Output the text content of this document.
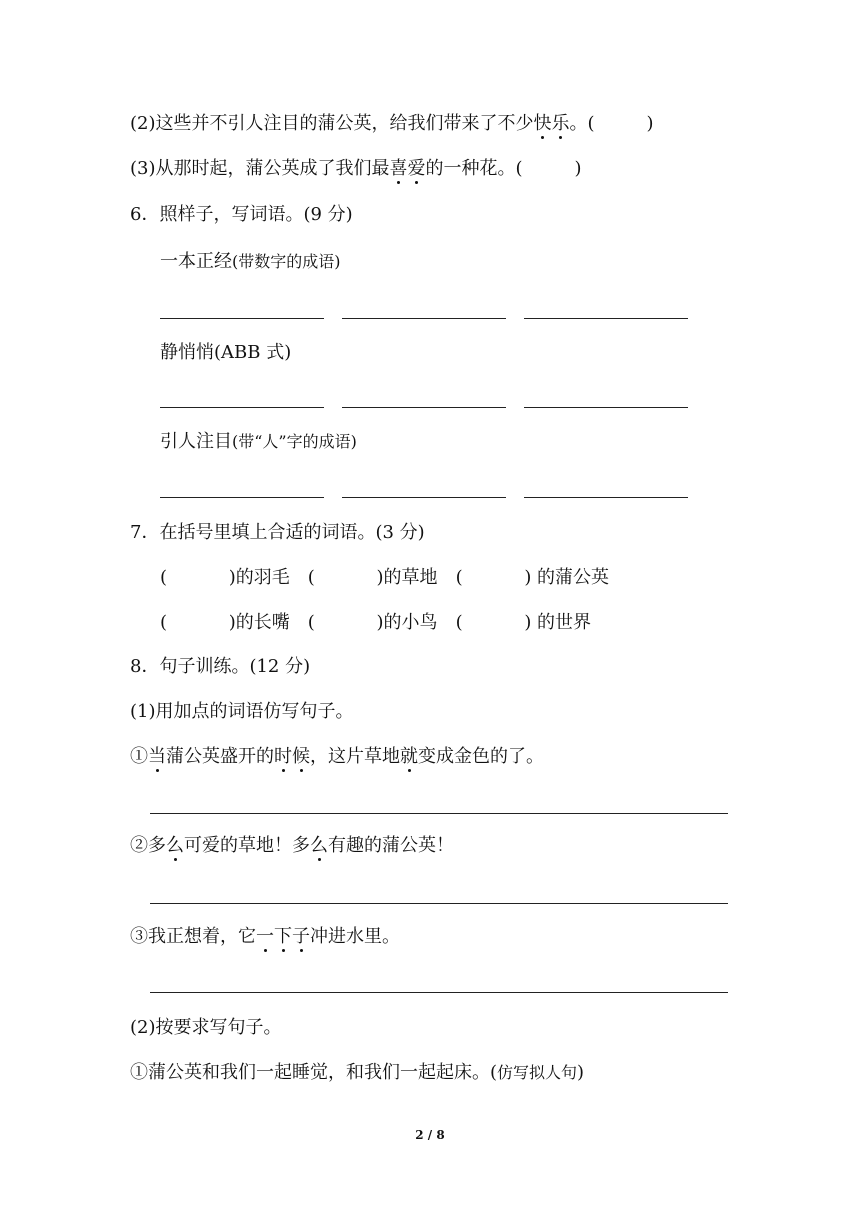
(2)这些并不引人注目的蒲公英，给我们带来了不少快乐。(	)
(3)从那时起，蒲公英成了我们最喜爱的一种花。(	)
6．照样子，写词语。(9 分)
一本正经(带数字的成语)
静悄悄(ABB 式)
引人注目(带“人”字的成语)
7．在括号里填上合适的词语。(3 分)
(	)的羽毛 (	)的草地 (	) 的蒲公英
(	)的长嘴 (	)的小鸟 (	) 的世界
8．句子训练。(12 分)
(1)用加点的词语仿写句子。
①当蒲公英盛开的时候，这片草地就变成金色的了。
②多么可爱的草地！多么有趣的蒲公英！
③我正想着，它一下子冲进水里。
(2)按要求写句子。
①蒲公英和我们一起睡觉，和我们一起起床。(仿写拟人句)
2 / 8
